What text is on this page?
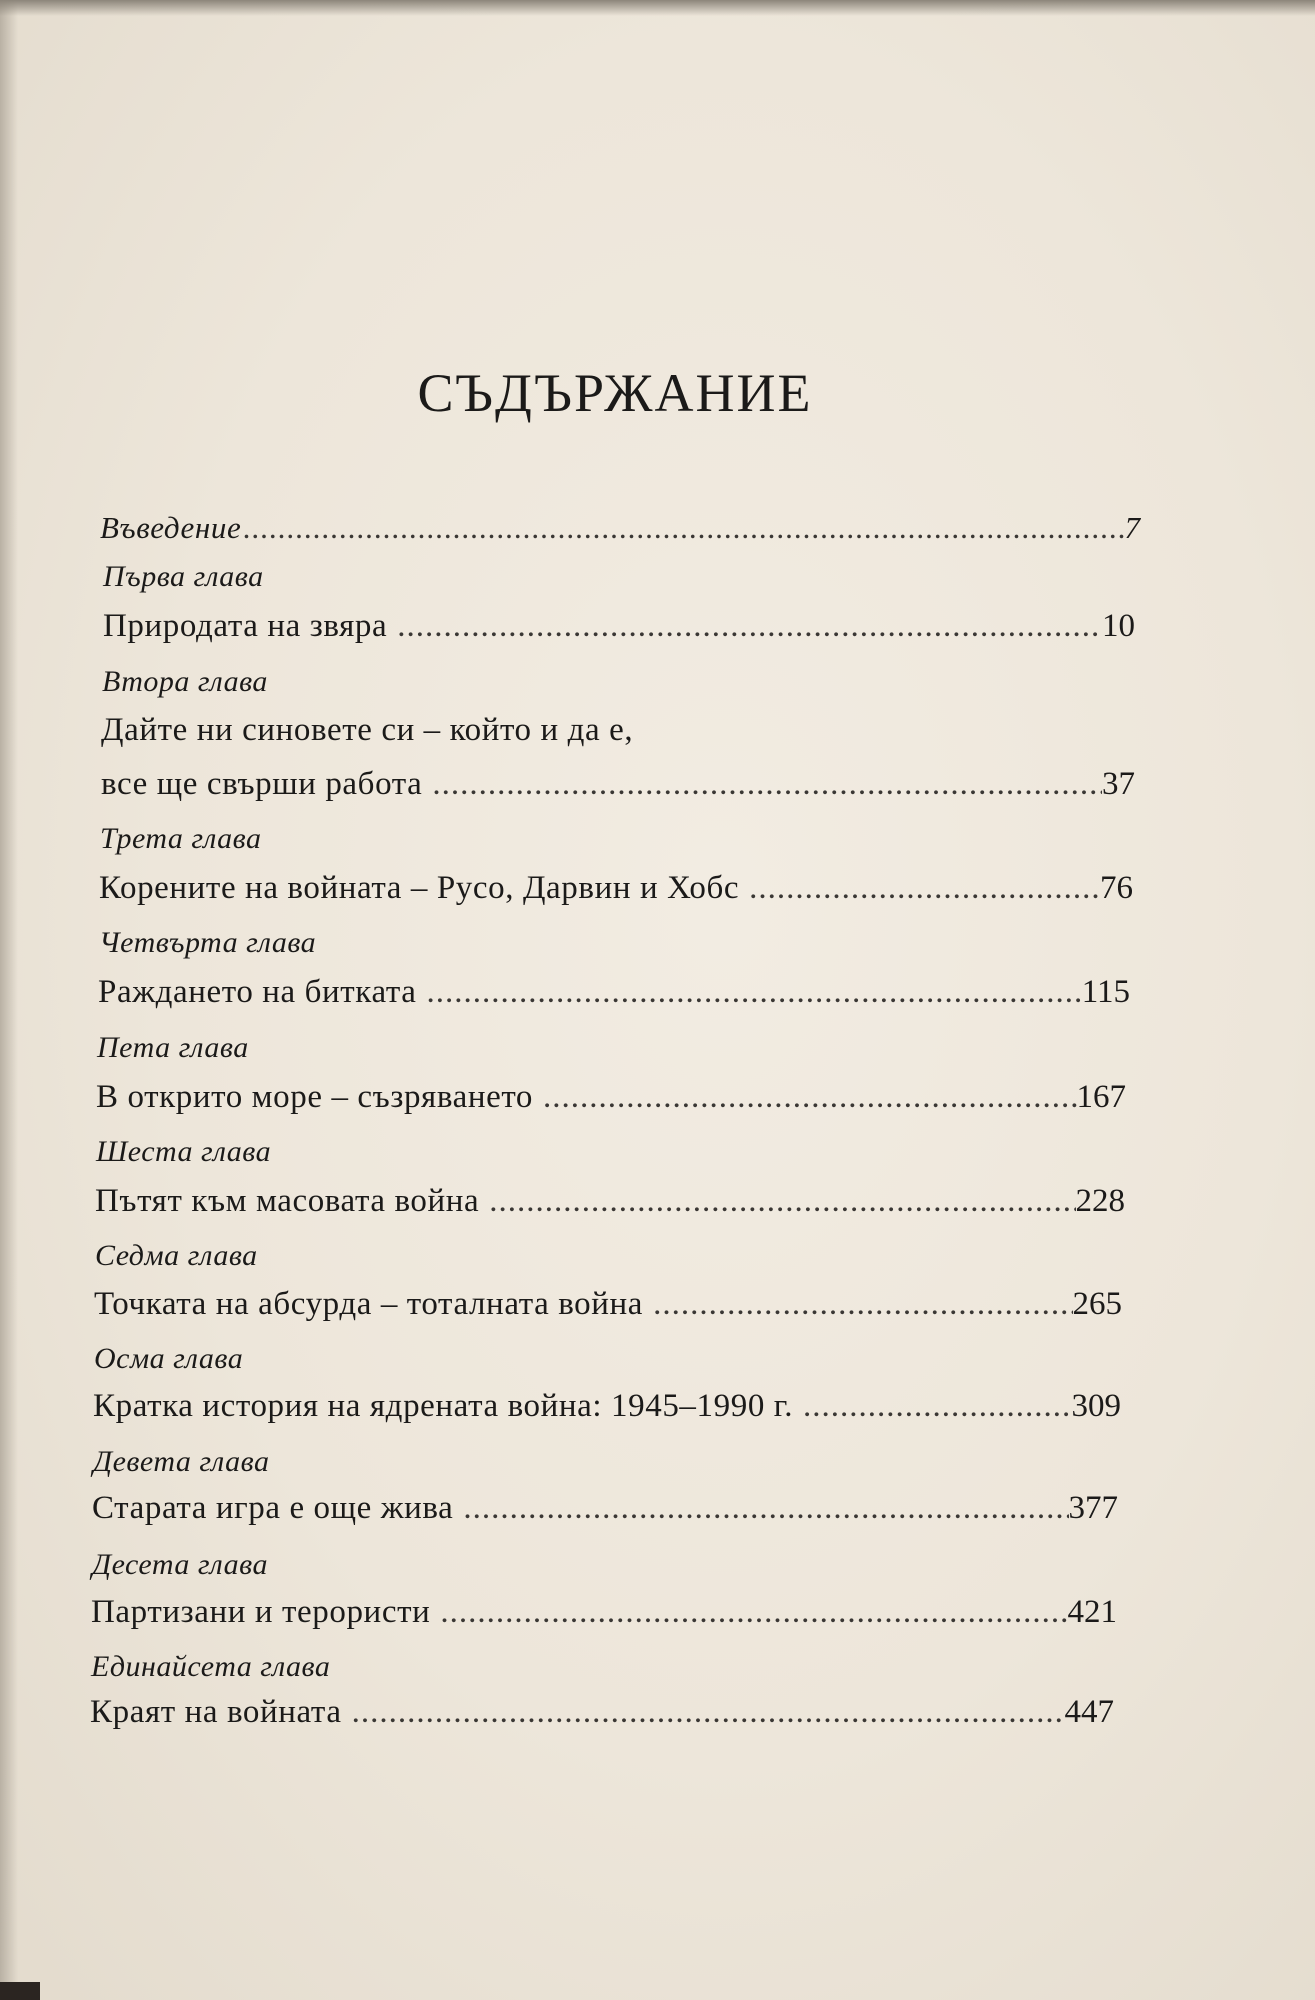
СЪДЪРЖАНИЕ
Въведение .....	7
Първа глава
Природата на звяра .....	10
Втора глава
Дайте ни синовете си – който и да е,
все ще свърши работа .....	37
Трета глава
Корените на войната – Русо, Дарвин и Хобс .....	76
Четвърта глава
Раждането на битката .....	115
Пета глава
В открито море – съзряването .....	167
Шеста глава
Пътят към масовата война .....	228
Седма глава
Точката на абсурда – тоталната война .....	265
Осма глава
Кратка история на ядрената война: 1945–1990 г. .....	309
Девета глава
Старата игра е още жива .....	377
Десета глава
Партизани и терористи .....	421
Единайсета глава
Краят на войната .....	447
